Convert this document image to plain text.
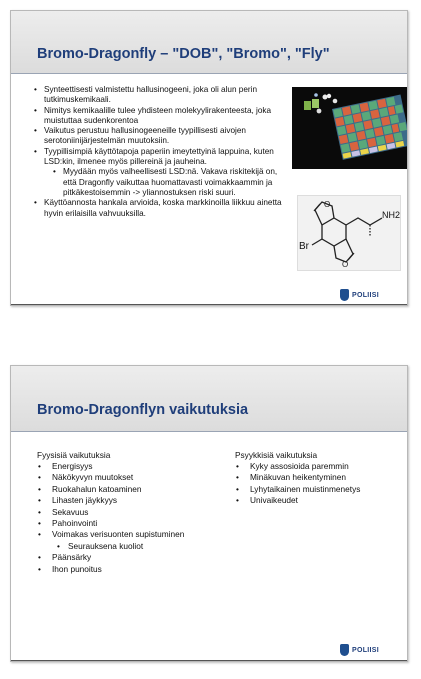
Bromo-Dragonfly – "DOB", "Bromo", "Fly"
• Synteettisesti valmistettu hallusinogeeni, joka oli alun perin tutkimuskemikaali.
• Nimitys kemikaalille tulee yhdisteen molekyylirakenteesta, joka muistuttaa sudenkorentoa
• Vaikutus perustuu hallusinogeeneille tyypillisesti aivojen serotoniinijärjestelmän muutoksiin.
• Tyypillisimpiä käyttötapoja paperiin imeytettyinä lappuina, kuten LSD:kin, ilmenee myös pillereinä ja jauheina.
• Myydään myös valheellisesti LSD:nä. Vakava riskitekijä on, että Dragonfly vaikuttaa huomattavasti voimakkaammin ja pitkäkestoisemmin -> yliannostuksen riski suuri.
• Käyttöannosta hankala arvioida, koska markkinoilla liikkuu ainetta hyvin erilaisilla vahvuuksilla.
O
O
NH2
Br
POLIISI
Bromo-Dragonflyn vaikutuksia
Fyysisiä vaikutuksia
• Energisyys
• Näkökyvyn muutokset
• Ruokahalun katoaminen
• Lihasten jäykkyys
• Sekavuus
• Pahoinvointi
• Voimakas verisuonten supistuminen
• Seurauksena kuoliot
• Päänsärky
• Ihon punoitus
Psyykkisiä vaikutuksia
• Kyky assosioida paremmin
• Minäkuvan heikentyminen
• Lyhytaikainen muistinmenetys
• Univaikeudet
POLIISI
